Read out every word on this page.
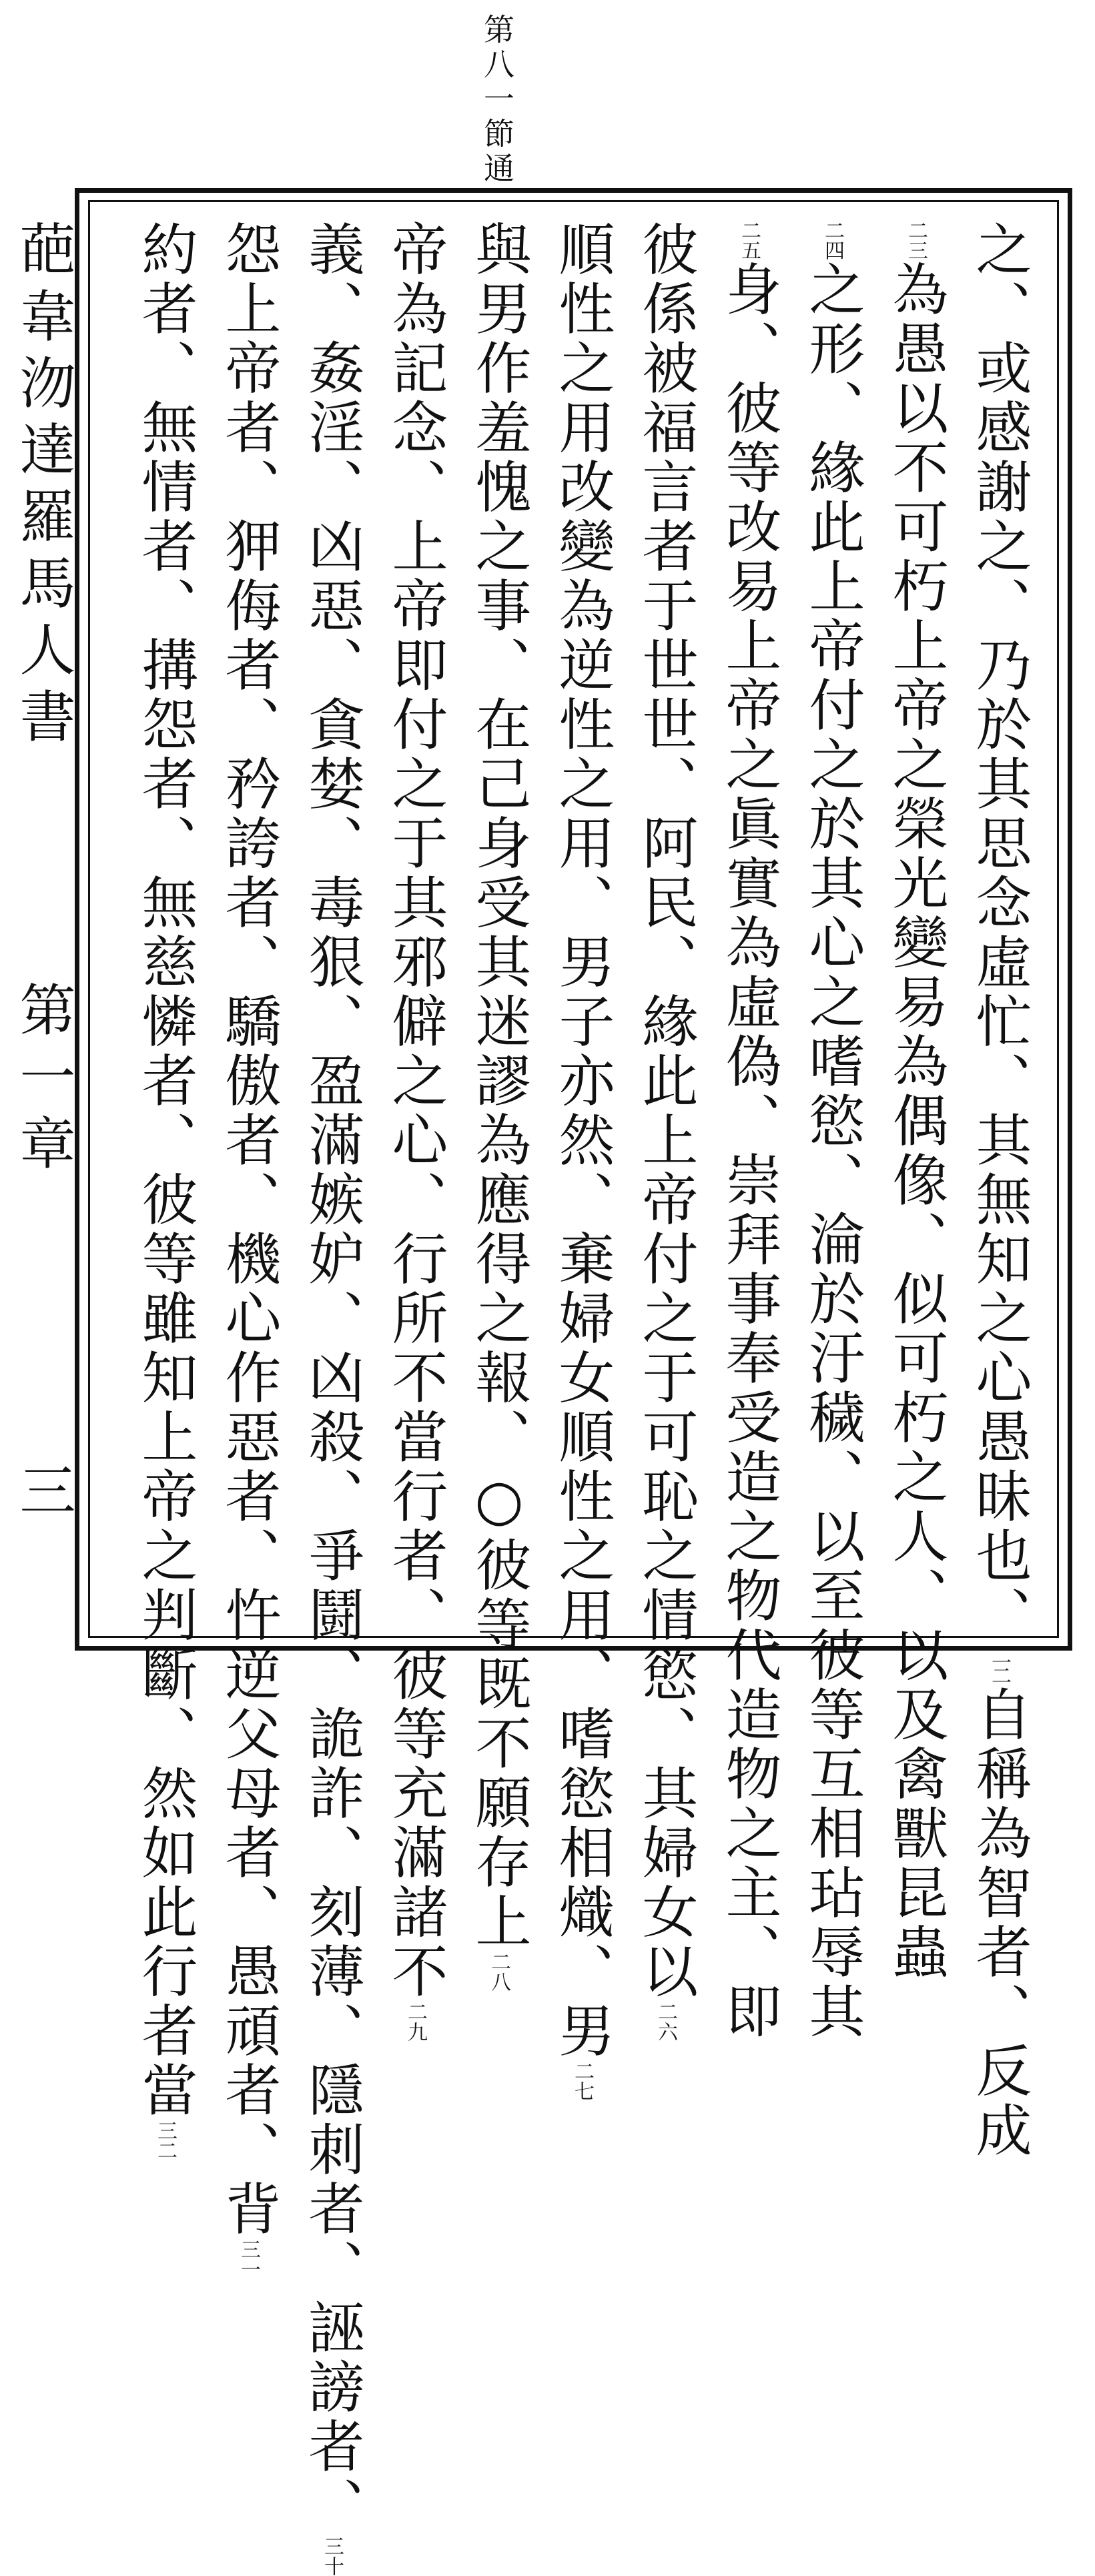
第八一節通
葩韋沕達羅馬人書
第一章
三	之、或感謝之、乃於其思念虛忙、其無知之心愚昧也、$^{二二}$自稱為智者、反成
$^{二三}$為愚以不可朽上帝之榮光變易為偶像、似可朽之人、以及禽獸昆蟲
$^{二四}$之形、緣此上帝付之於其心之嗜慾、淪於汙穢、以至彼等互相玷辱其
$^{二五}$身、彼等改易上帝之眞實為虛偽、崇拜事奉受造之物代造物之主、即
彼係被福言者于世世、阿民、緣此上帝付之于可恥之情慾、其婦女以$^{二六}$
順性之用改變為逆性之用、男子亦然、棄婦女順性之用、嗜慾相熾、男$^{二七}$
與男作羞愧之事、在己身受其迷謬為應得之報、○彼等既不願存上$^{二八}$
帝為記念、上帝即付之于其邪僻之心、行所不當行者、彼等充滿諸不$^{二九}$
義、姦淫、凶惡、貪婪、毒狠、盈滿嫉妒、凶殺、爭鬪、詭詐、刻薄、隱刺者、誣謗者、$^{三十}$
怨上帝者、狎侮者、矜誇者、驕傲者、機心作惡者、忤逆父母者、愚頑者、背$^{三一}$
約者、無情者、搆怨者、無慈憐者、彼等雖知上帝之判斷、然如此行者當$^{三二}$
